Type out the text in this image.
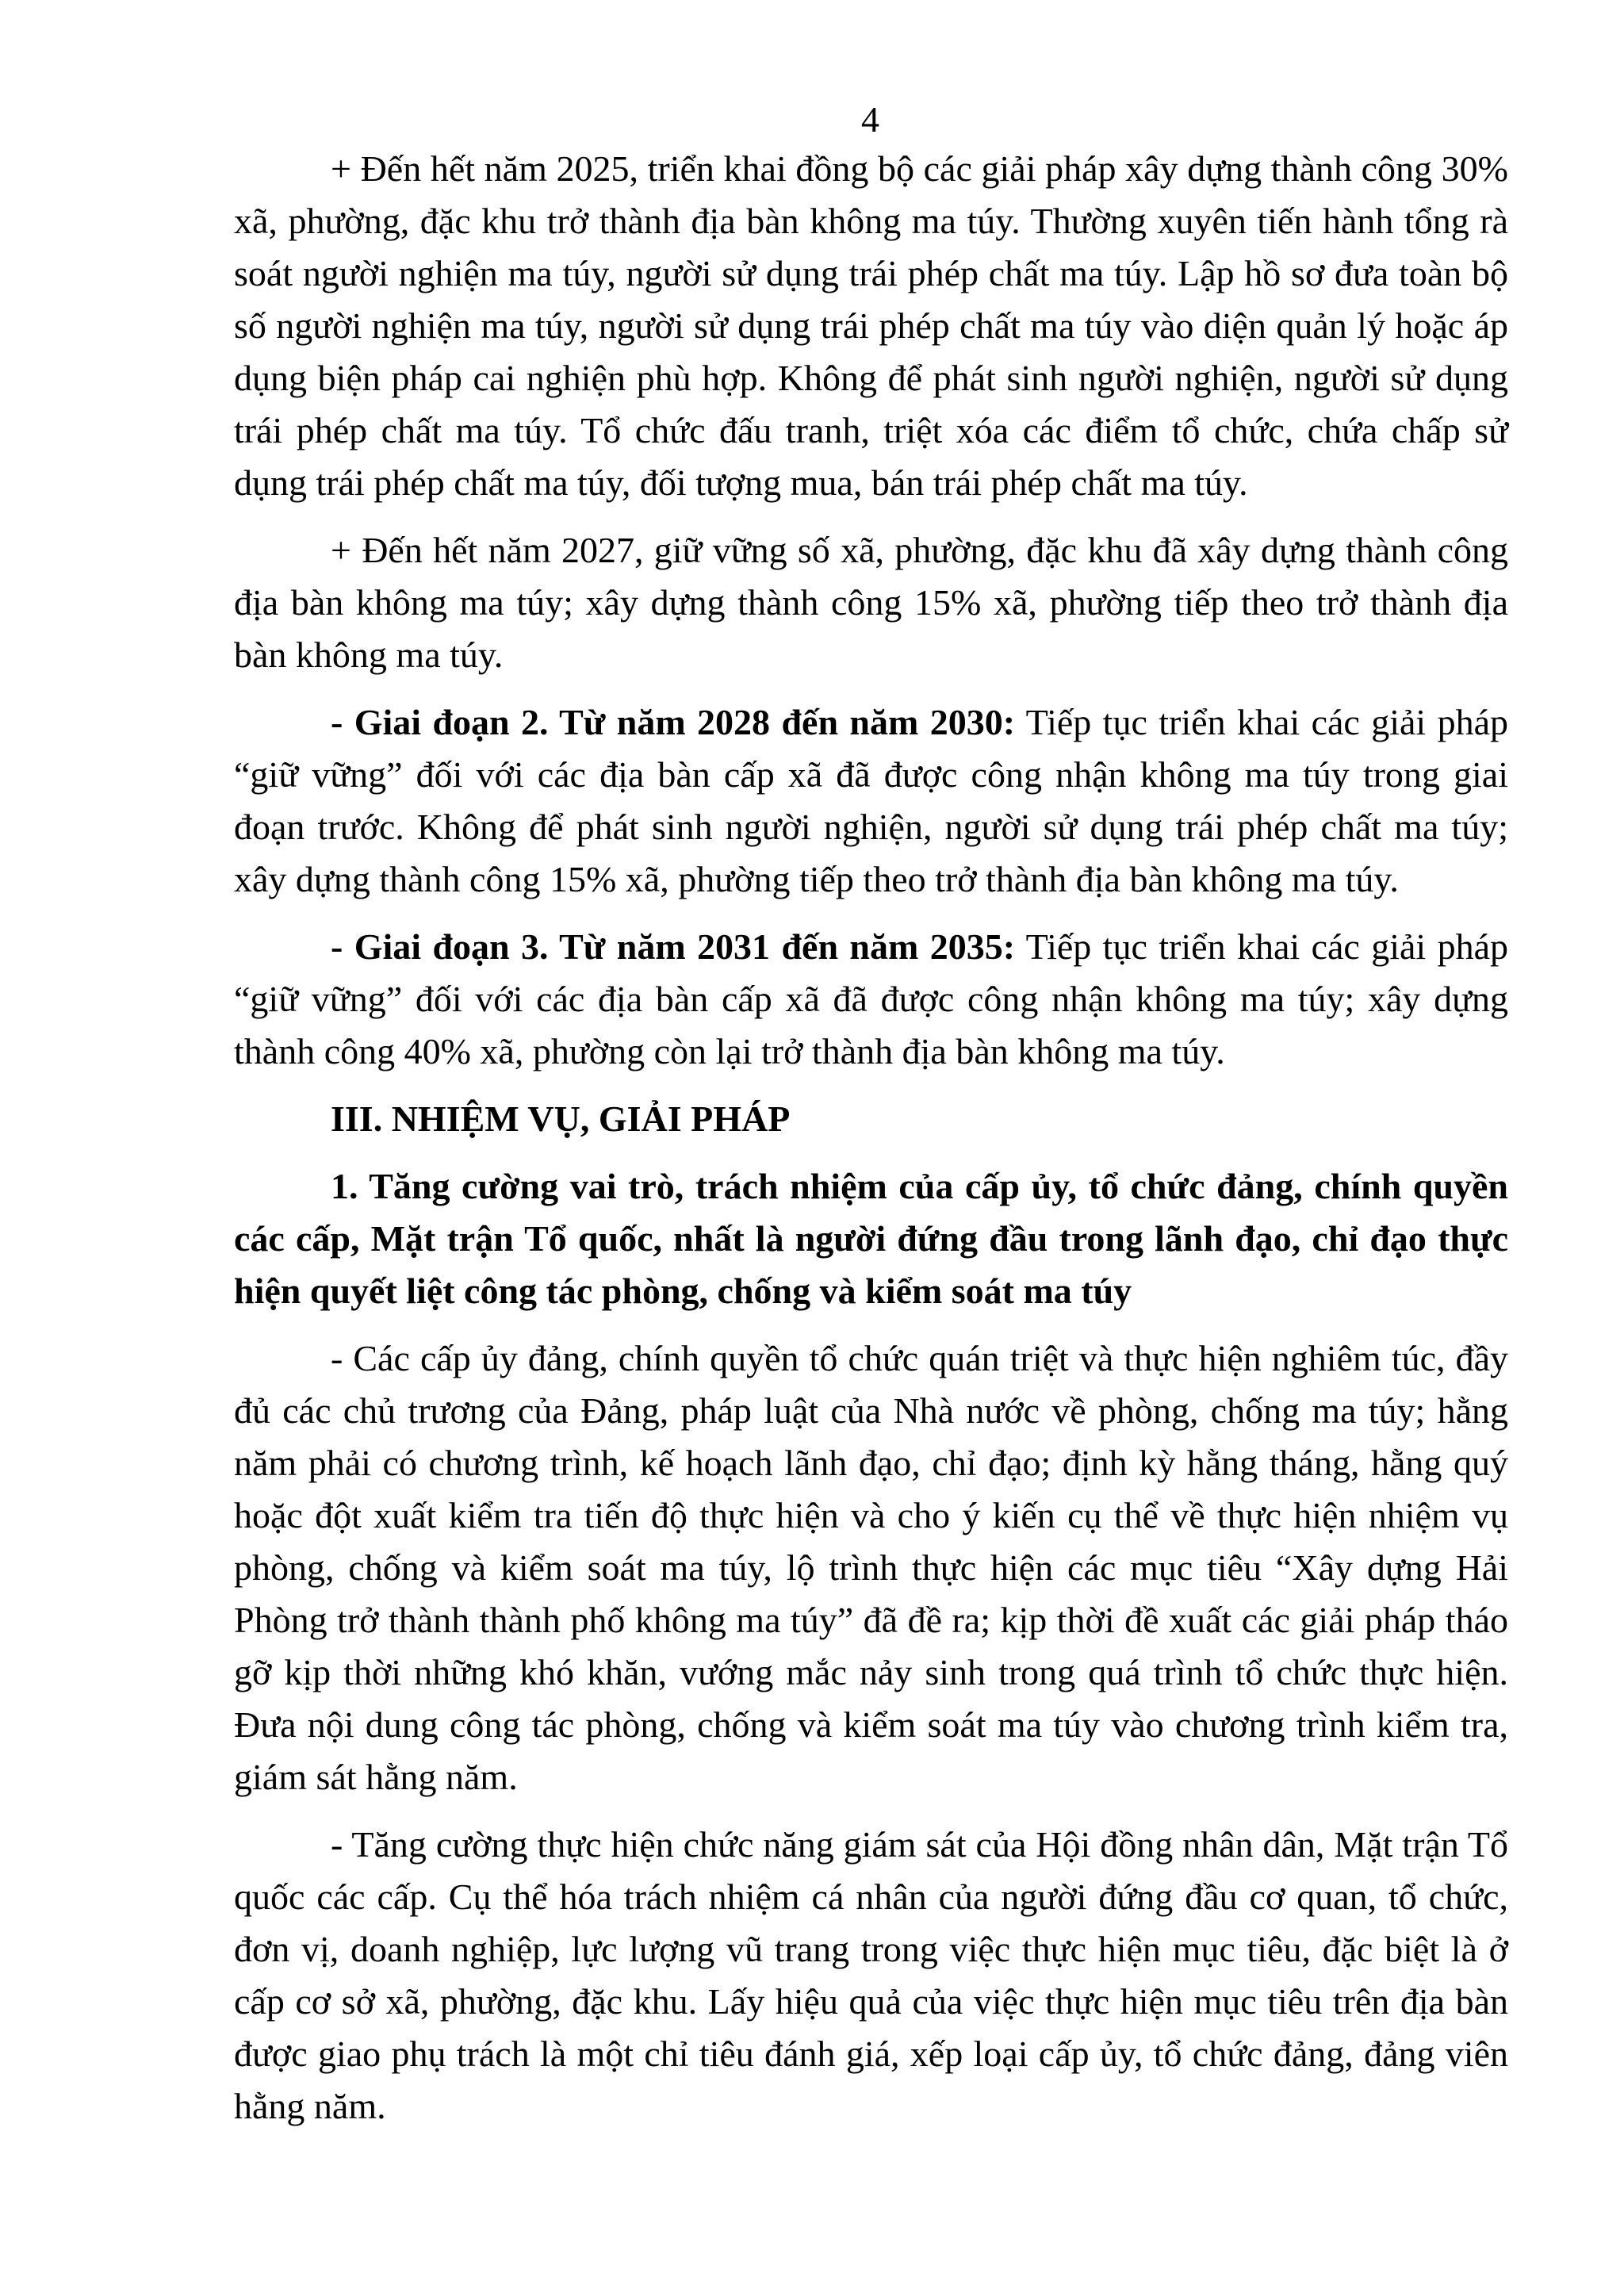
4

+ Đến hết năm 2025, triển khai đồng bộ các giải pháp xây dựng thành công 30% xã, phường, đặc khu trở thành địa bàn không ma túy. Thường xuyên tiến hành tổng rà soát người nghiện ma túy, người sử dụng trái phép chất ma túy. Lập hồ sơ đưa toàn bộ số người nghiện ma túy, người sử dụng trái phép chất ma túy vào diện quản lý hoặc áp dụng biện pháp cai nghiện phù hợp. Không để phát sinh người nghiện, người sử dụng trái phép chất ma túy. Tổ chức đấu tranh, triệt xóa các điểm tổ chức, chứa chấp sử dụng trái phép chất ma túy, đối tượng mua, bán trái phép chất ma túy.

+ Đến hết năm 2027, giữ vững số xã, phường, đặc khu đã xây dựng thành công địa bàn không ma túy; xây dựng thành công 15% xã, phường tiếp theo trở thành địa bàn không ma túy.

- Giai đoạn 2. Từ năm 2028 đến năm 2030: Tiếp tục triển khai các giải pháp “giữ vững” đối với các địa bàn cấp xã đã được công nhận không ma túy trong giai đoạn trước. Không để phát sinh người nghiện, người sử dụng trái phép chất ma túy; xây dựng thành công 15% xã, phường tiếp theo trở thành địa bàn không ma túy.

- Giai đoạn 3. Từ năm 2031 đến năm 2035: Tiếp tục triển khai các giải pháp “giữ vững” đối với các địa bàn cấp xã đã được công nhận không ma túy; xây dựng thành công 40% xã, phường còn lại trở thành địa bàn không ma túy.

III. NHIỆM VỤ, GIẢI PHÁP

1. Tăng cường vai trò, trách nhiệm của cấp ủy, tổ chức đảng, chính quyền các cấp, Mặt trận Tổ quốc, nhất là người đứng đầu trong lãnh đạo, chỉ đạo thực hiện quyết liệt công tác phòng, chống và kiểm soát ma túy

- Các cấp ủy đảng, chính quyền tổ chức quán triệt và thực hiện nghiêm túc, đầy đủ các chủ trương của Đảng, pháp luật của Nhà nước về phòng, chống ma túy; hằng năm phải có chương trình, kế hoạch lãnh đạo, chỉ đạo; định kỳ hằng tháng, hằng quý hoặc đột xuất kiểm tra tiến độ thực hiện và cho ý kiến cụ thể về thực hiện nhiệm vụ phòng, chống và kiểm soát ma túy, lộ trình thực hiện các mục tiêu “Xây dựng Hải Phòng trở thành thành phố không ma túy” đã đề ra; kịp thời đề xuất các giải pháp tháo gỡ kịp thời những khó khăn, vướng mắc nảy sinh trong quá trình tổ chức thực hiện. Đưa nội dung công tác phòng, chống và kiểm soát ma túy vào chương trình kiểm tra, giám sát hằng năm.

- Tăng cường thực hiện chức năng giám sát của Hội đồng nhân dân, Mặt trận Tổ quốc các cấp. Cụ thể hóa trách nhiệm cá nhân của người đứng đầu cơ quan, tổ chức, đơn vị, doanh nghiệp, lực lượng vũ trang trong việc thực hiện mục tiêu, đặc biệt là ở cấp cơ sở xã, phường, đặc khu. Lấy hiệu quả của việc thực hiện mục tiêu trên địa bàn được giao phụ trách là một chỉ tiêu đánh giá, xếp loại cấp ủy, tổ chức đảng, đảng viên hằng năm.
